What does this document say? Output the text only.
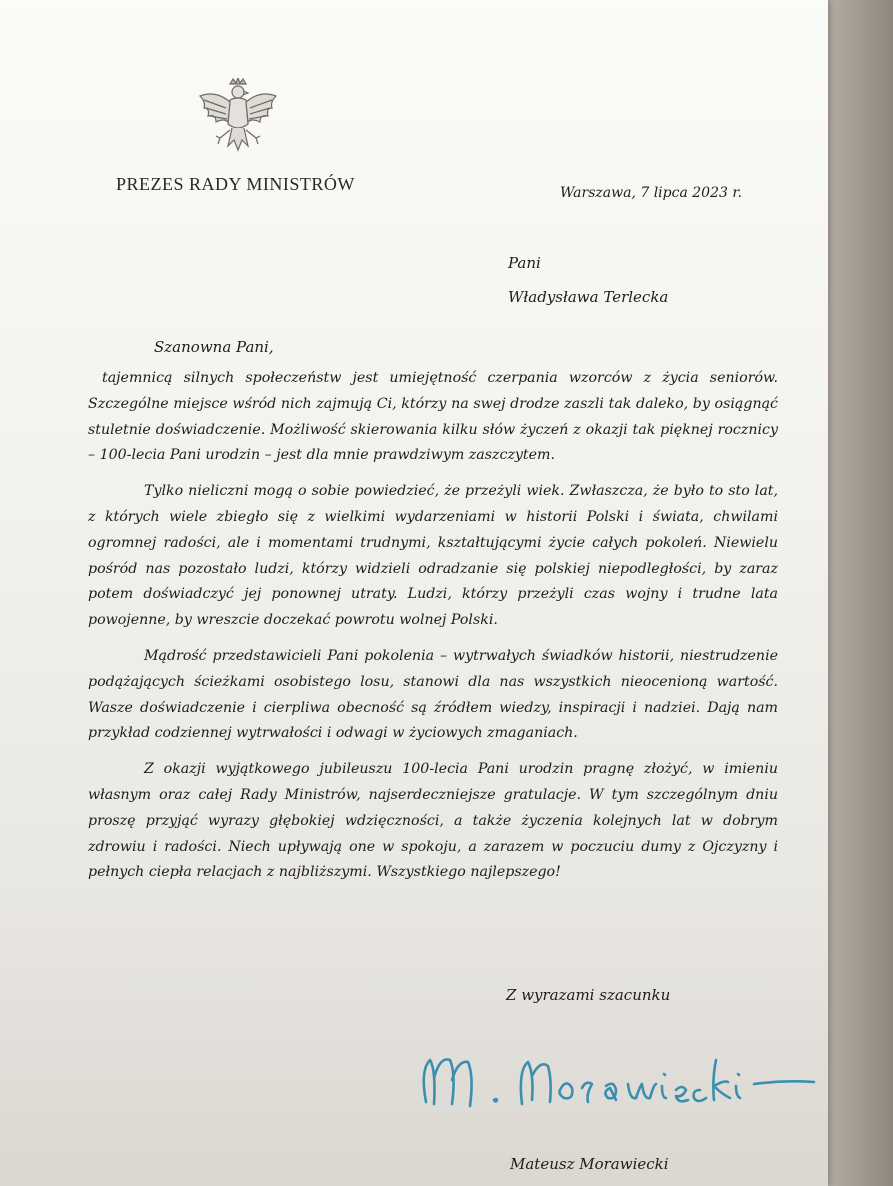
PREZES RADY MINISTRÓW	Warszawa, 7 lipca 2023 r.
Pani
Władysława Terlecka
Szanowna Pani,

tajemnicą silnych społeczeństw jest umiejętność czerpania wzorców z życia seniorów. Szczególne miejsce wśród nich zajmują Ci, którzy na swej drodze zaszli tak daleko, by osiągnąć stuletnie doświadczenie. Możliwość skierowania kilku słów życzeń z okazji tak pięknej rocznicy – 100-lecia Pani urodzin – jest dla mnie prawdziwym zaszczytem.

Tylko nieliczni mogą o sobie powiedzieć, że przeżyli wiek. Zwłaszcza, że było to sto lat, z których wiele zbiegło się z wielkimi wydarzeniami w historii Polski i świata, chwilami ogromnej radości, ale i momentami trudnymi, kształtującymi życie całych pokoleń. Niewielu pośród nas pozostało ludzi, którzy widzieli odradzanie się polskiej niepodległości, by zaraz potem doświadczyć jej ponownej utraty. Ludzi, którzy przeżyli czas wojny i trudne lata powojenne, by wreszcie doczekać powrotu wolnej Polski.

Mądrość przedstawicieli Pani pokolenia – wytrwałych świadków historii, niestrudzenie podążających ścieżkami osobistego losu, stanowi dla nas wszystkich nieocenioną wartość. Wasze doświadczenie i cierpliwa obecność są źródłem wiedzy, inspiracji i nadziei. Dają nam przykład codziennej wytrwałości i odwagi w życiowych zmaganiach.

Z okazji wyjątkowego jubileuszu 100-lecia Pani urodzin pragnę złożyć, w imieniu własnym oraz całej Rady Ministrów, najserdeczniejsze gratulacje. W tym szczególnym dniu proszę przyjąć wyrazy głębokiej wdzięczności, a także życzenia kolejnych lat w dobrym zdrowiu i radości. Niech upływają one w spokoju, a zarazem w poczuciu dumy z Ojczyzny i pełnych ciepła relacjach z najbliższymi. Wszystkiego najlepszego!

Z wyrazami szacunku
Mateusz Morawiecki
